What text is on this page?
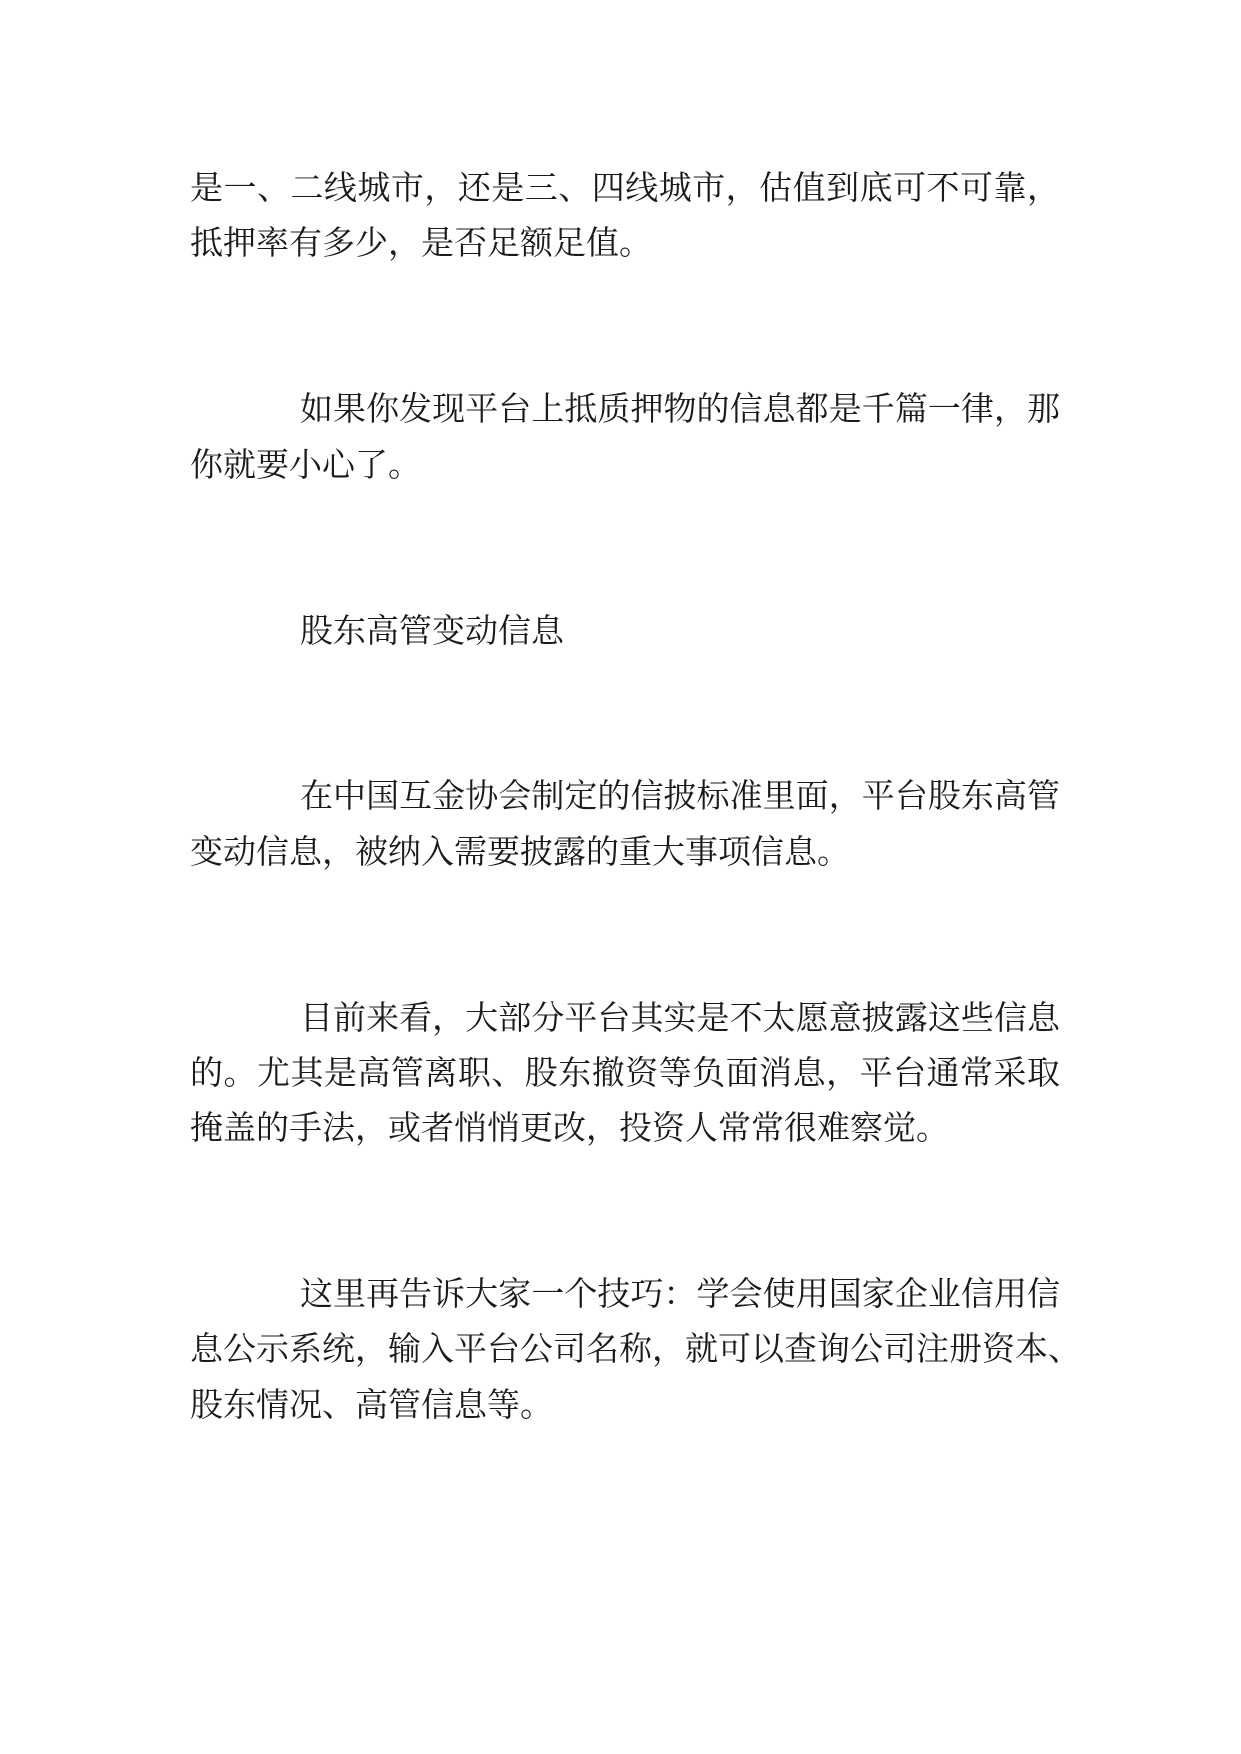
是一、二线城市，还是三、四线城市，估值到底可不可靠，
抵押率有多少，是否足额足值。
如果你发现平台上抵质押物的信息都是千篇一律，那
你就要小心了。
股东高管变动信息
在中国互金协会制定的信披标准里面，平台股东高管
变动信息，被纳入需要披露的重大事项信息。
目前来看，大部分平台其实是不太愿意披露这些信息
的。尤其是高管离职、股东撤资等负面消息，平台通常采取
掩盖的手法，或者悄悄更改，投资人常常很难察觉。
这里再告诉大家一个技巧：学会使用国家企业信用信
息公示系统，输入平台公司名称，就可以查询公司注册资本、
股东情况、高管信息等。
